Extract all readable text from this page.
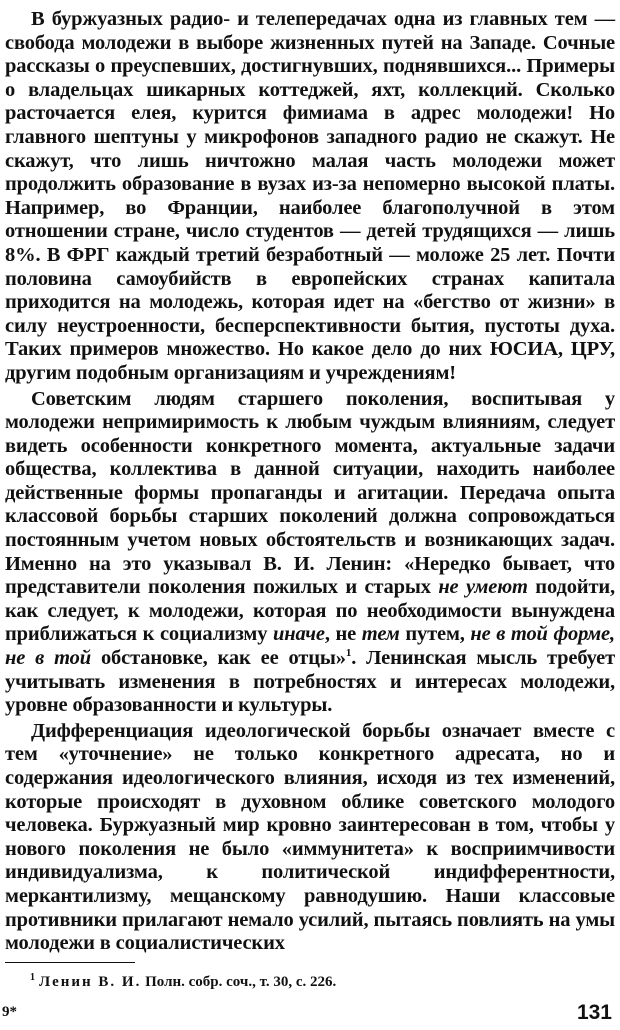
В буржуазных радио- и телепередачах одна из главных тем — свобода молодежи в выборе жизненных путей на Западе. Сочные рассказы о преуспевших, достигнувших, поднявшихся... Примеры о владельцах шикарных коттеджей, яхт, коллекций. Сколько расточается елея, курится фимиама в адрес молодежи! Но главного шептуны у микрофонов западного радио не скажут. Не скажут, что лишь ничтожно малая часть молодежи может продолжить образование в вузах из-за непомерно высокой платы. Например, во Франции, наиболее благополучной в этом отношении стране, число студентов — детей трудящихся — лишь 8%. В ФРГ каждый третий безработный — моложе 25 лет. Почти половина самоубийств в европейских странах капитала приходится на молодежь, которая идет на «бегство от жизни» в силу неустроенности, бесперспективности бытия, пустоты духа. Таких примеров множество. Но какое дело до них ЮСИА, ЦРУ, другим подобным организациям и учреждениям!

Советским людям старшего поколения, воспитывая у молодежи непримиримость к любым чуждым влияниям, следует видеть особенности конкретного момента, актуальные задачи общества, коллектива в данной ситуации, находить наиболее действенные формы пропаганды и агитации. Передача опыта классовой борьбы старших поколений должна сопровождаться постоянным учетом новых обстоятельств и возникающих задач. Именно на это указывал В. И. Ленин: «Нередко бывает, что представители поколения пожилых и старых не умеют подойти, как следует, к молодежи, которая по необходимости вынуждена приближаться к социализму иначе, не тем путем, не в той форме, не в той обстановке, как ее отцы»$^1$. Ленинская мысль требует учитывать изменения в потребностях и интересах молодежи, уровне образованности и культуры.

Дифференциация идеологической борьбы означает вместе с тем «уточнение» не только конкретного адресата, но и содержания идеологического влияния, исходя из тех изменений, которые происходят в духовном облике советского молодого человека. Буржуазный мир кровно заинтересован в том, чтобы у нового поколения не было «иммунитета» к восприимчивости индивидуализма, к политической индифферентности, меркантилизму, мещанскому равнодушию. Наши классовые противники прилагают немало усилий, пытаясь повлиять на умы молодежи в социалистических

$^1$ Ленин В. И. Полн. собр. соч., т. 30, с. 226.
9*	131
